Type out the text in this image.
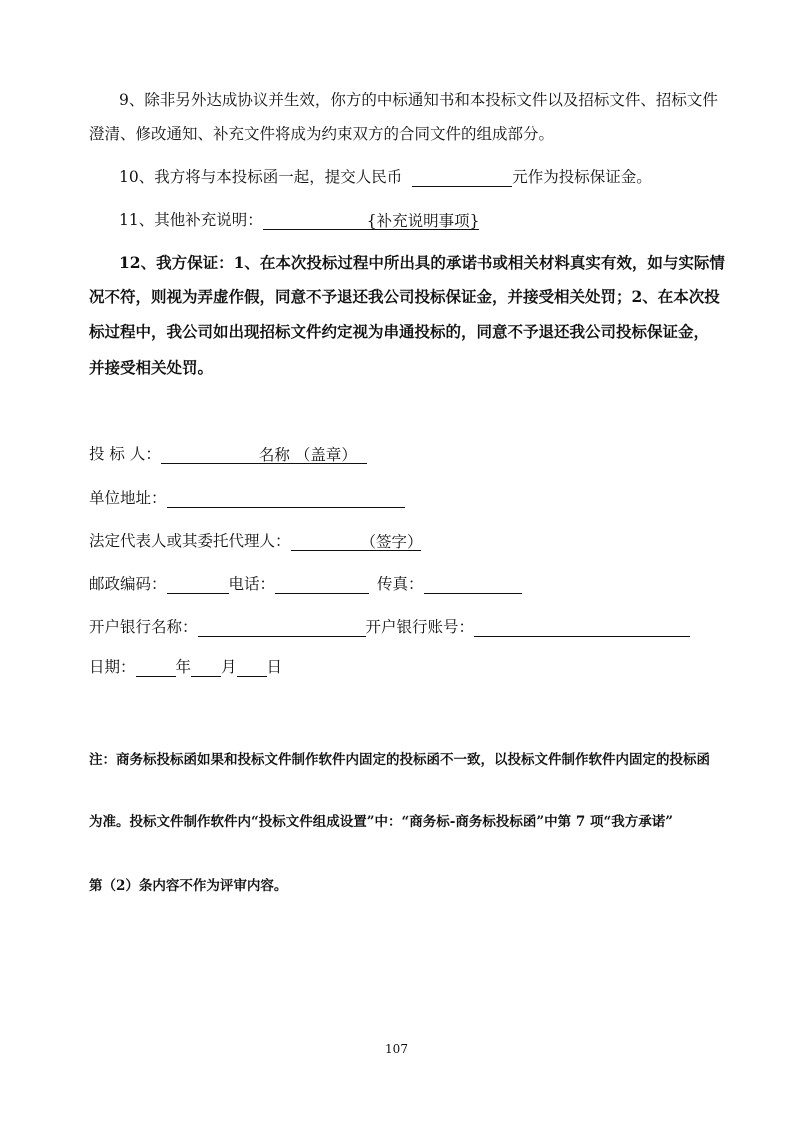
9、除非另外达成协议并生效，你方的中标通知书和本投标文件以及招标文件、招标文件
澄清、修改通知、补充文件将成为约束双方的合同文件的组成部分。
10、我方将与本投标函一起，提交人民币	元作为投标保证金。
11、其他补充说明：	{补充说明事项}
12、我方保证：1、在本次投标过程中所出具的承诺书或相关材料真实有效，如与实际情
况不符，则视为弄虚作假，同意不予退还我公司投标保证金，并接受相关处罚；2、在本次投
标过程中，我公司如出现招标文件约定视为串通投标的，同意不予退还我公司投标保证金，
并接受相关处罚。
投 标 人：	名称 （盖章）
单位地址：
法定代表人或其委托代理人：	（签字）
邮政编码：	电话：	传真：
开户银行名称：	开户银行账号：
日期：	年 月 日
注：商务标投标函如果和投标文件制作软件内固定的投标函不一致，以投标文件制作软件内固定的投标函
为准。投标文件制作软件内“投标文件组成设置”中：“商务标-商务标投标函”中第 7 项“我方承诺”
第（2）条内容不作为评审内容。
107
